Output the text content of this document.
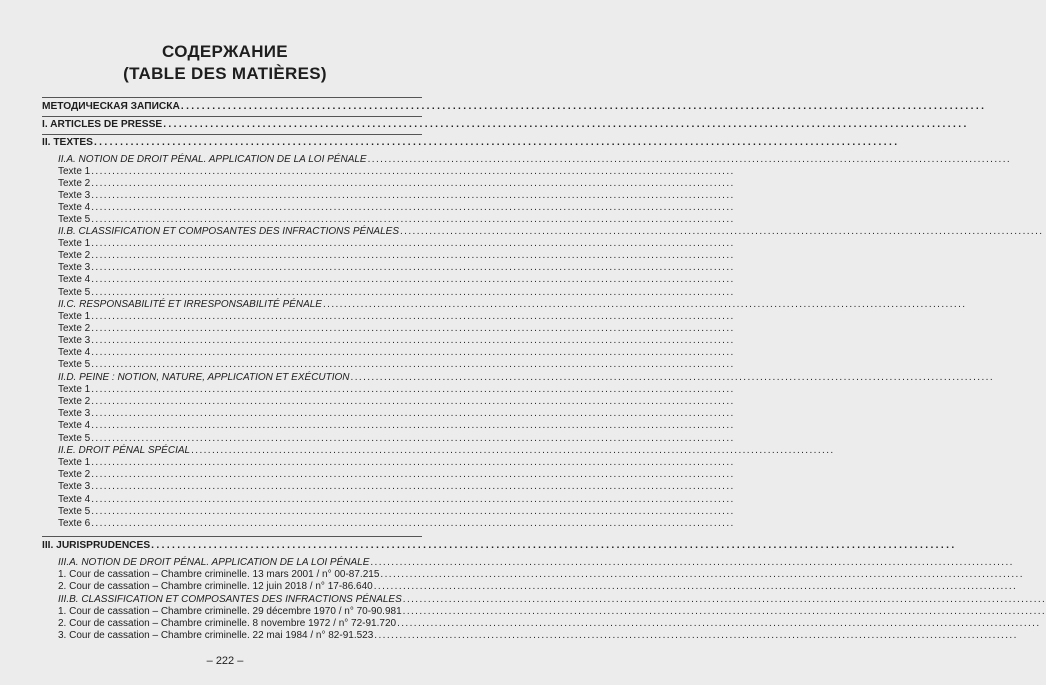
СОДЕРЖАНИЕ
(TABLE DES MATIÈRES)
МЕТОДИЧЕСКАЯ ЗАПИСКА ..........................................................................................................................................................
I. ARTICLES DE PRESSE ..........................................................................................................................................................
II. TEXTES ..........................................................................................................................................................
II.A. NOTION DE DROIT PÉNAL. APPLICATION DE LA LOI PÉNALE ..........................................................................................................................................................
Texte 1 ..........................................................................................................................................................
Texte 2 ..........................................................................................................................................................
Texte 3 ..........................................................................................................................................................
Texte 4 ..........................................................................................................................................................
Texte 5 ..........................................................................................................................................................
II.B. CLASSIFICATION ET COMPOSANTES DES INFRACTIONS PÉNALES ..........................................................................................................................................................
Texte 1 ..........................................................................................................................................................
Texte 2 ..........................................................................................................................................................
Texte 3 ..........................................................................................................................................................
Texte 4 ..........................................................................................................................................................
Texte 5 ..........................................................................................................................................................
II.C. RESPONSABILITÉ ET IRRESPONSABILITÉ PÉNALE ..........................................................................................................................................................
Texte 1 ..........................................................................................................................................................
Texte 2 ..........................................................................................................................................................
Texte 3 ..........................................................................................................................................................
Texte 4 ..........................................................................................................................................................
Texte 5 ..........................................................................................................................................................
II.D. PEINE : NOTION, NATURE, APPLICATION ET EXÉCUTION ..........................................................................................................................................................
Texte 1 ..........................................................................................................................................................
Texte 2 ..........................................................................................................................................................
Texte 3 ..........................................................................................................................................................
Texte 4 ..........................................................................................................................................................
Texte 5 ..........................................................................................................................................................
II.E. DROIT PÉNAL SPÉCIAL ..........................................................................................................................................................
Texte 1 ..........................................................................................................................................................
Texte 2 ..........................................................................................................................................................
Texte 3 ..........................................................................................................................................................
Texte 4 ..........................................................................................................................................................
Texte 5 ..........................................................................................................................................................
Texte 6 ..........................................................................................................................................................
III. JURISPRUDENCES ..........................................................................................................................................................
III.A. NOTION DE DROIT PÉNAL. APPLICATION DE LA LOI PÉNALE ..........................................................................................................................................................
1. Cour de cassation – Chambre criminelle. 13 mars 2001 / n° 00-87.215 ..........................................................................................................................................................
2. Cour de cassation – Chambre criminelle. 12 juin 2018 / n° 17-86.640 ..........................................................................................................................................................
III.B. CLASSIFICATION ET COMPOSANTES DES INFRACTIONS PÉNALES ..........................................................................................................................................................
1. Cour de cassation – Chambre criminelle. 29 décembre 1970 / n° 70-90.981 ..........................................................................................................................................................
2. Cour de cassation – Chambre criminelle. 8 novembre 1972 / n° 72-91.720 ..........................................................................................................................................................
3. Cour de cassation – Chambre criminelle. 22 mai 1984 / n° 82-91.523 ..........................................................................................................................................................
– 222 –
